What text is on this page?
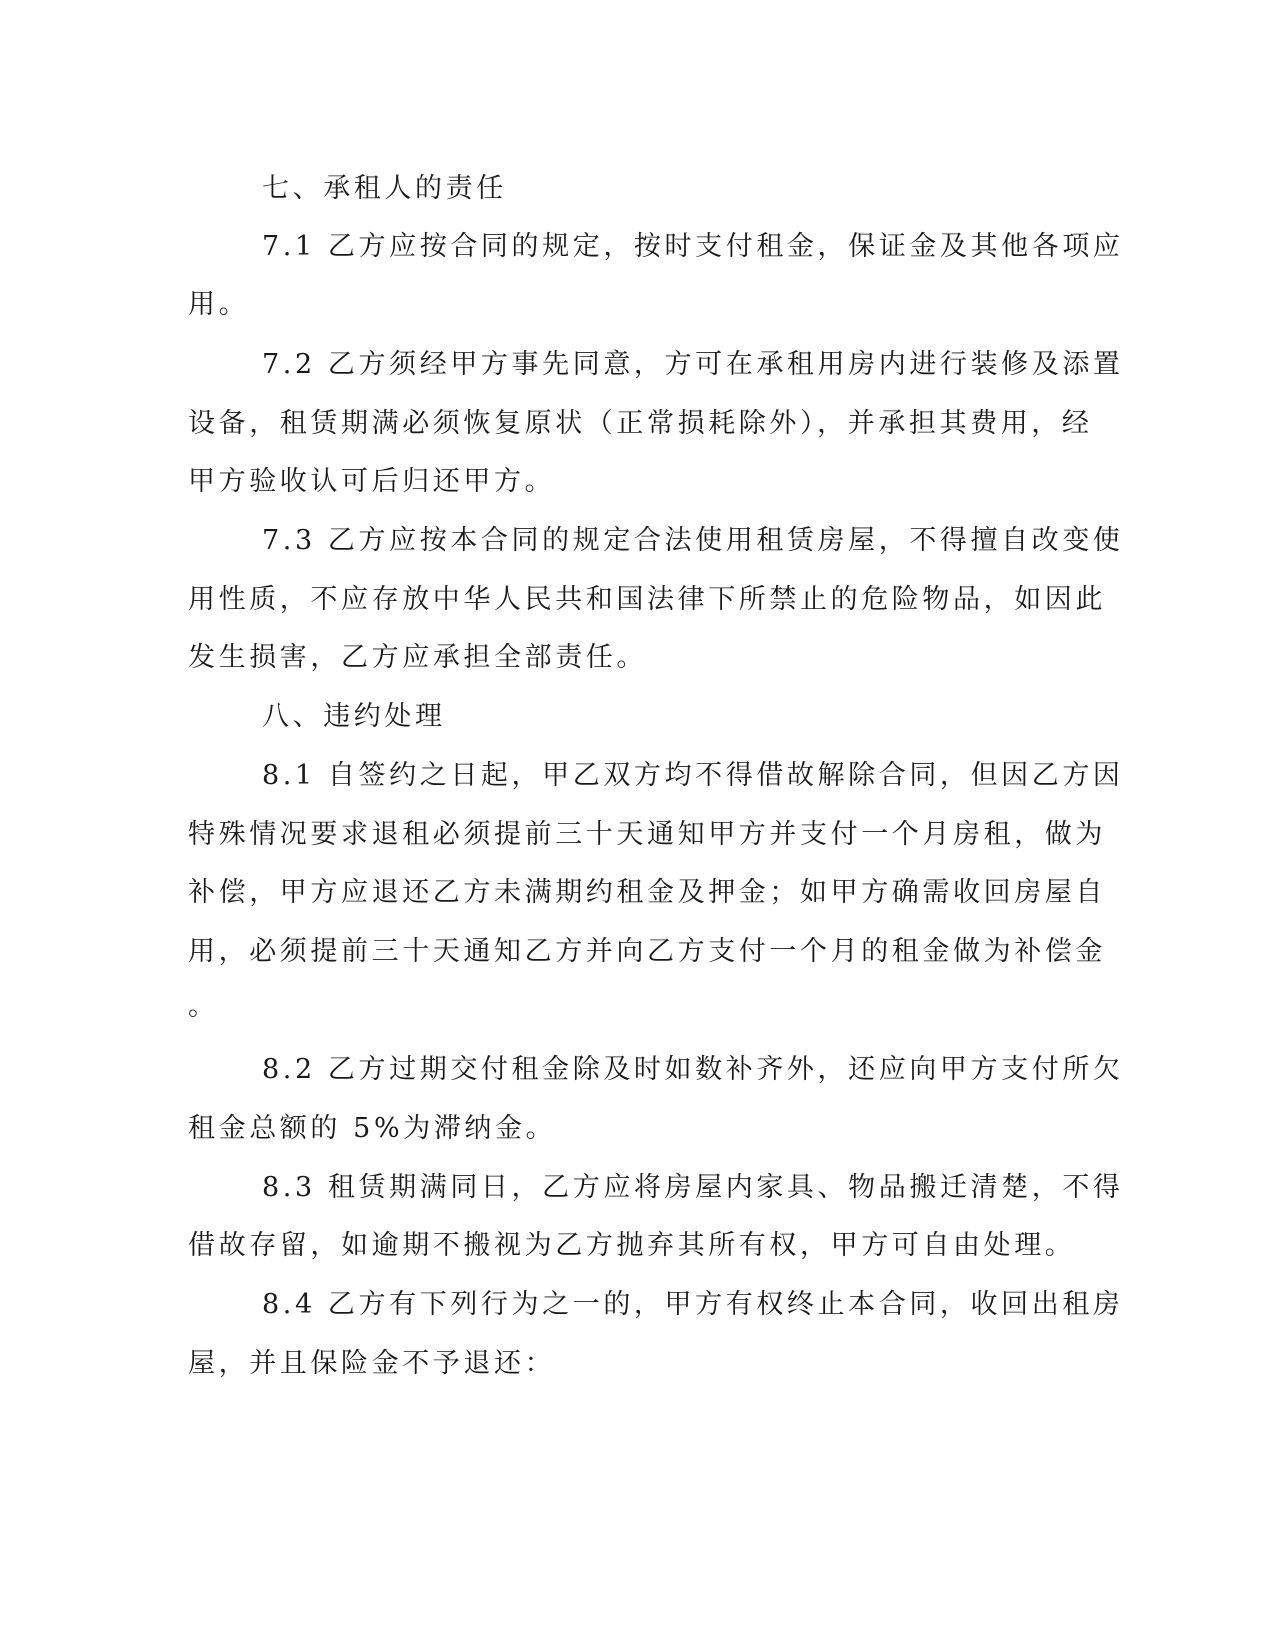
七、承租人的责任
7.1 乙方应按合同的规定，按时支付租金，保证金及其他各项应
用。
7.2 乙方须经甲方事先同意，方可在承租用房内进行装修及添置
设备，租赁期满必须恢复原状（正常损耗除外），并承担其费用，经
甲方验收认可后归还甲方。
7.3 乙方应按本合同的规定合法使用租赁房屋，不得擅自改变使
用性质，不应存放中华人民共和国法律下所禁止的危险物品，如因此
发生损害，乙方应承担全部责任。
八、违约处理
8.1 自签约之日起，甲乙双方均不得借故解除合同，但因乙方因
特殊情况要求退租必须提前三十天通知甲方并支付一个月房租，做为
补偿，甲方应退还乙方未满期约租金及押金；如甲方确需收回房屋自
用，必须提前三十天通知乙方并向乙方支付一个月的租金做为补偿金
。
8.2 乙方过期交付租金除及时如数补齐外，还应向甲方支付所欠
租金总额的 5%为滞纳金。
8.3 租赁期满同日，乙方应将房屋内家具、物品搬迁清楚，不得
借故存留，如逾期不搬视为乙方抛弃其所有权，甲方可自由处理。
8.4 乙方有下列行为之一的，甲方有权终止本合同，收回出租房
屋，并且保险金不予退还：
